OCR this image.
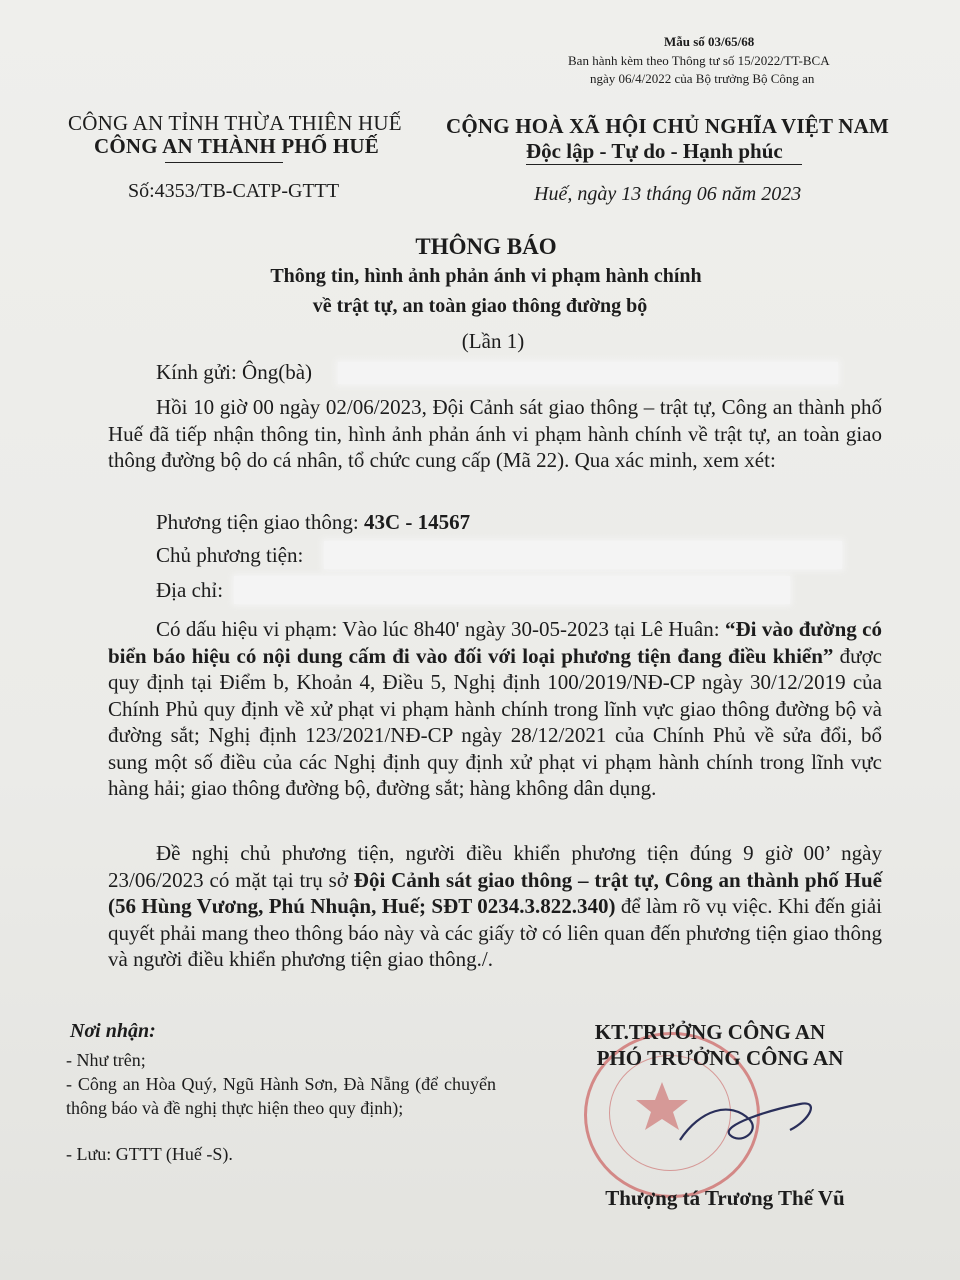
Mẫu số 03/65/68
Ban hành kèm theo Thông tư số 15/2022/TT-BCA
ngày 06/4/2022 của Bộ trưởng Bộ Công an
CÔNG AN TỈNH THỪA THIÊN HUẾ
CÔNG AN THÀNH PHỐ HUẾ
Số:4353/TB-CATP-GTTT
CỘNG HOÀ XÃ HỘI CHỦ NGHĨA VIỆT NAM
Độc lập - Tự do - Hạnh phúc
Huế, ngày 13 tháng 06 năm 2023
THÔNG BÁO
Thông tin, hình ảnh phản ánh vi phạm hành chính
về trật tự, an toàn giao thông đường bộ
(Lần 1)
Kính gửi: Ông(bà)
Hồi 10 giờ 00 ngày 02/06/2023, Đội Cảnh sát giao thông – trật tự, Công an thành phố Huế đã tiếp nhận thông tin, hình ảnh phản ánh vi phạm hành chính về trật tự, an toàn giao thông đường bộ do cá nhân, tổ chức cung cấp (Mã 22). Qua xác minh, xem xét:
Phương tiện giao thông: 43C - 14567
Chủ phương tiện:
Địa chỉ:
Có dấu hiệu vi phạm: Vào lúc 8h40' ngày 30-05-2023 tại Lê Huân: “Đi vào đường có biển báo hiệu có nội dung cấm đi vào đối với loại phương tiện đang điều khiển” được quy định tại Điểm b, Khoản 4, Điều 5, Nghị định 100/2019/NĐ-CP ngày 30/12/2019 của Chính Phủ quy định về xử phạt vi phạm hành chính trong lĩnh vực giao thông đường bộ và đường sắt; Nghị định 123/2021/NĐ-CP ngày 28/12/2021 của Chính Phủ về sửa đổi, bổ sung một số điều của các Nghị định quy định xử phạt vi phạm hành chính trong lĩnh vực hàng hải; giao thông đường bộ, đường sắt; hàng không dân dụng.
Đề nghị chủ phương tiện, người điều khiển phương tiện đúng 9 giờ 00’ ngày 23/06/2023 có mặt tại trụ sở Đội Cảnh sát giao thông – trật tự, Công an thành phố Huế (56 Hùng Vương, Phú Nhuận, Huế; SĐT 0234.3.822.340) để làm rõ vụ việc. Khi đến giải quyết phải mang theo thông báo này và các giấy tờ có liên quan đến phương tiện giao thông và người điều khiển phương tiện giao thông./.
Nơi nhận:
- Như trên;
- Công an Hòa Quý, Ngũ Hành Sơn, Đà Nẵng (để chuyển thông báo và đề nghị thực hiện theo quy định);
- Lưu: GTTT (Huế -S).
KT.TRƯỞNG CÔNG AN
PHÓ TRƯỞNG CÔNG AN
Thượng tá Trương Thế Vũ
